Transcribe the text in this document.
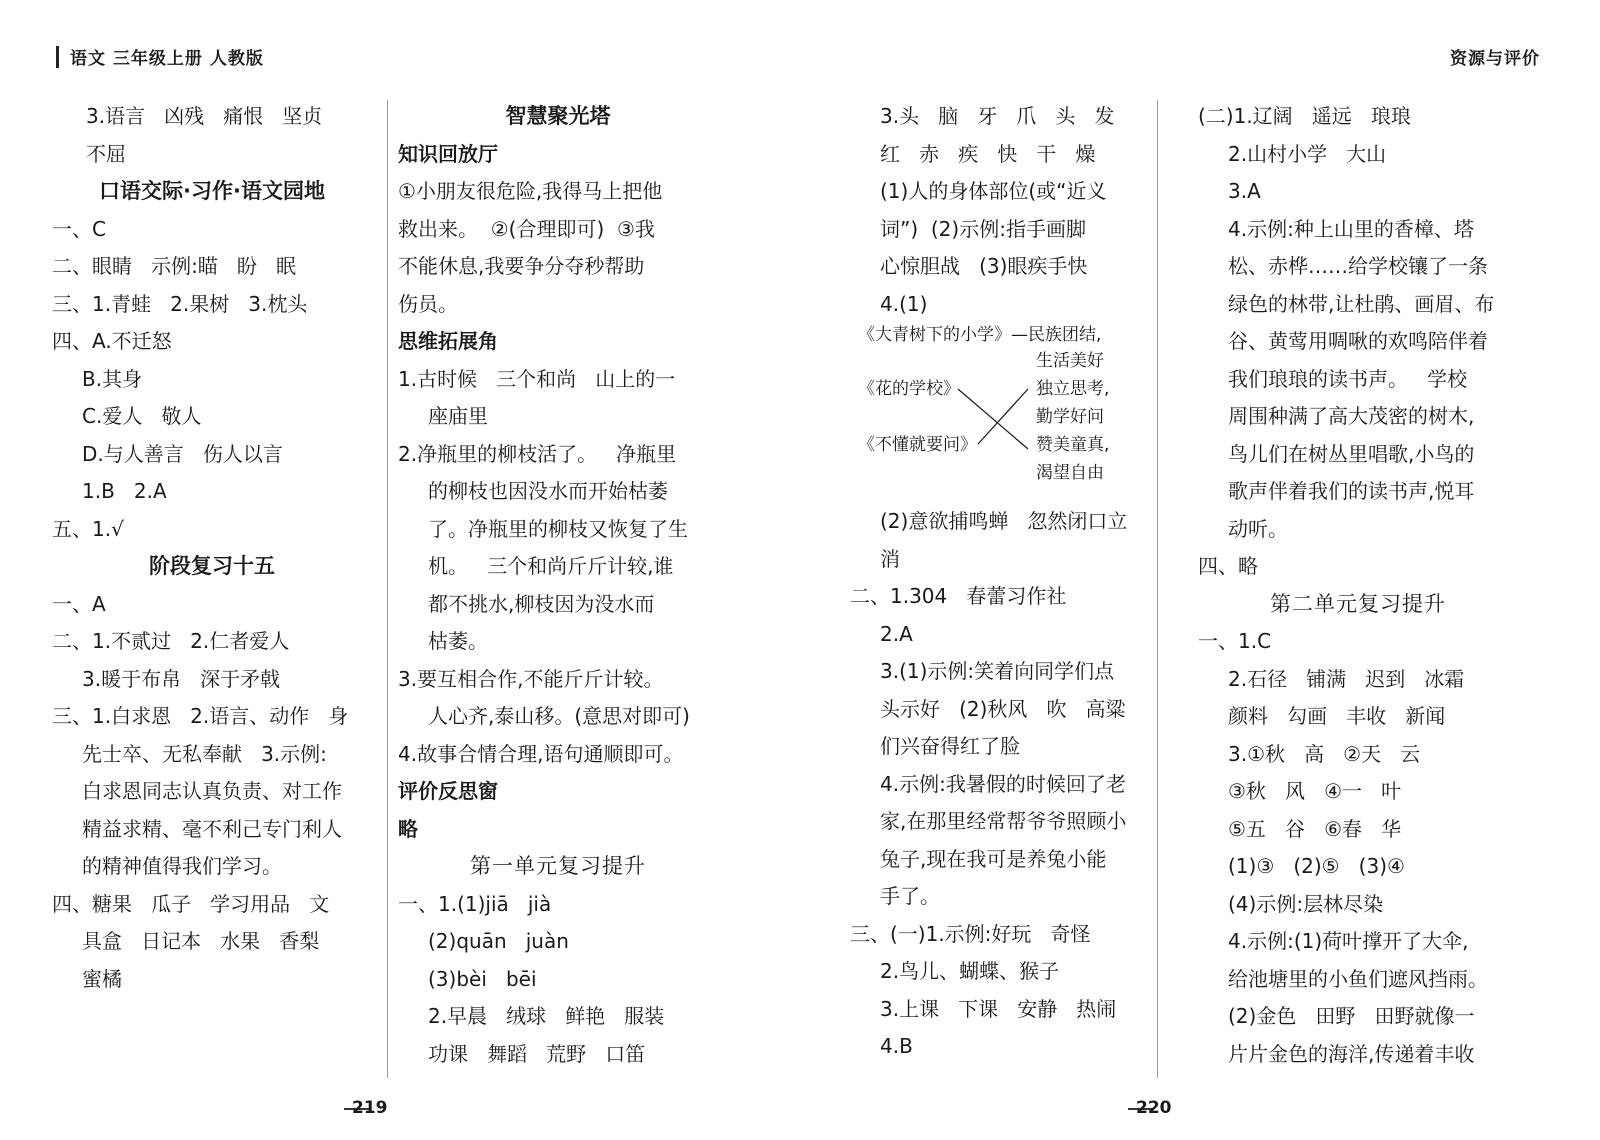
语文 三年级上册 人教版	资源与评价
3.语言   凶残   痛恨   坚贞
不屈
口语交际·习作·语文园地
一、C
二、眼睛   示例:瞄   盼   眠
三、1.青蛙   2.果树   3.枕头
四、A.不迁怒
B.其身
C.爱人   敬人
D.与人善言   伤人以言
1.B   2.A
五、1.√
阶段复习十五
一、A
二、1.不贰过   2.仁者爱人
3.暖于布帛   深于矛戟
三、1.白求恩   2.语言、动作   身
先士卒、无私奉献   3.示例:
白求恩同志认真负责、对工作
精益求精、毫不利己专门利人
的精神值得我们学习。
四、糖果   瓜子   学习用品   文
具盒   日记本   水果   香梨
蜜橘
智慧聚光塔
知识回放厅
①小朋友很危险,我得马上把他
救出来。  ②(合理即可)  ③我
不能休息,我要争分夺秒帮助
伤员。
思维拓展角
1.古时候   三个和尚   山上的一
座庙里
2.净瓶里的柳枝活了。   净瓶里
的柳枝也因没水而开始枯萎
了。净瓶里的柳枝又恢复了生
机。   三个和尚斤斤计较,谁
都不挑水,柳枝因为没水而
枯萎。
3.要互相合作,不能斤斤计较。
人心齐,泰山移。(意思对即可)
4.故事合情合理,语句通顺即可。
评价反思窗
略
第一单元复习提升
一、1.(1)jiā   jià
(2)quān   juàn
(3)bèi   bēi
2.早晨   绒球   鲜艳   服装
功课   舞蹈   荒野   口笛
3.头   脑   牙   爪   头   发
红   赤   疾   快   干   燥
(1)人的身体部位(或“近义
词”)  (2)示例:指手画脚
心惊胆战   (3)眼疾手快
4.(1)
《大青树下的小学》—民族团结,
《花的学校》
《不懂就要问》
生活美好
独立思考,
勤学好问
赞美童真,
渴望自由
(2)意欲捕鸣蝉   忽然闭口立
消
二、1.304   春蕾习作社
2.A
3.(1)示例:笑着向同学们点
头示好   (2)秋风   吹   高粱
们兴奋得红了脸
4.示例:我暑假的时候回了老
家,在那里经常帮爷爷照顾小
兔子,现在我可是养兔小能
手了。
三、(一)1.示例:好玩   奇怪
2.鸟儿、蝴蝶、猴子
3.上课   下课   安静   热闹
4.B
(二)1.辽阔   遥远   琅琅
2.山村小学   大山
3.A
4.示例:种上山里的香樟、塔
松、赤桦……给学校镶了一条
绿色的林带,让杜鹃、画眉、布
谷、黄莺用啁啾的欢鸣陪伴着
我们琅琅的读书声。   学校
周围种满了高大茂密的树木,
鸟儿们在树丛里唱歌,小鸟的
歌声伴着我们的读书声,悦耳
动听。
四、略
第二单元复习提升
一、1.C
2.石径   铺满   迟到   冰霜
颜料   勾画   丰收   新闻
3.①秋   高   ②天   云
③秋   风   ④一   叶
⑤五   谷   ⑥春   华
(1)③   (2)⑤   (3)④
(4)示例:层林尽染
4.示例:(1)荷叶撑开了大伞,
给池塘里的小鱼们遮风挡雨。
(2)金色   田野   田野就像一
片片金色的海洋,传递着丰收
219	220
